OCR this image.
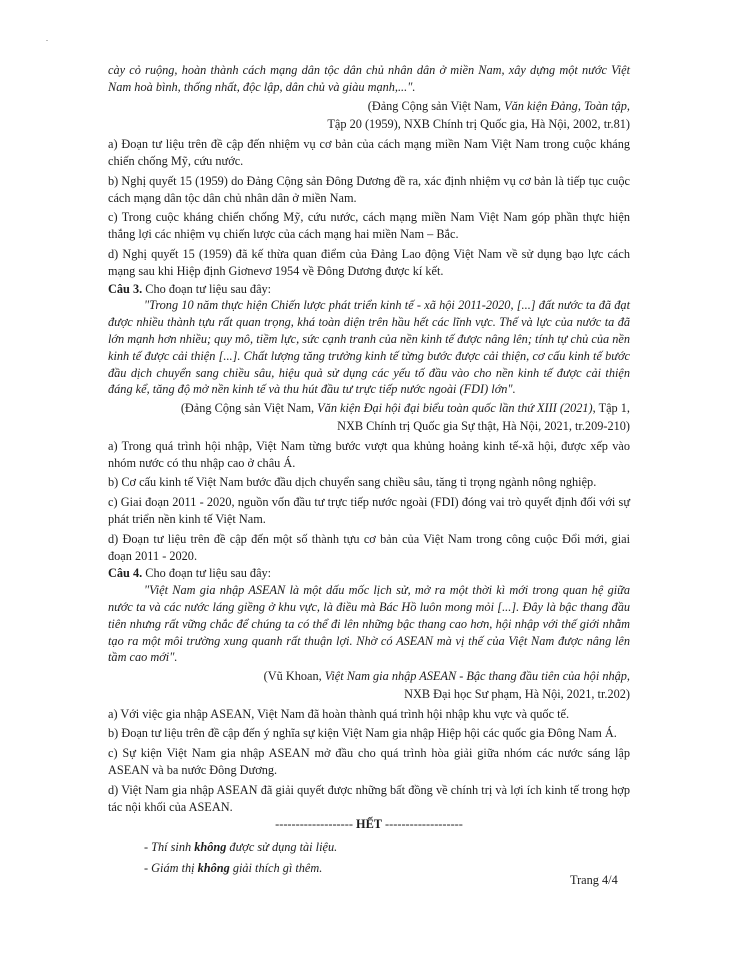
cày cỏ ruộng, hoàn thành cách mạng dân tộc dân chủ nhân dân ở miền Nam, xây dựng một nước Việt Nam hoà bình, thống nhất, độc lập, dân chủ và giàu mạnh,...".

(Đảng Cộng sản Việt Nam, Văn kiện Đảng, Toàn tập,

Tập 20 (1959), NXB Chính trị Quốc gia, Hà Nội, 2002, tr.81)

a) Đoạn tư liệu trên đề cập đến nhiệm vụ cơ bản của cách mạng miền Nam Việt Nam trong cuộc kháng chiến chống Mỹ, cứu nước.

b) Nghị quyết 15 (1959) do Đảng Cộng sản Đông Dương đề ra, xác định nhiệm vụ cơ bản là tiếp tục cuộc cách mạng dân tộc dân chủ nhân dân ở miền Nam.

c) Trong cuộc kháng chiến chống Mỹ, cứu nước, cách mạng miền Nam Việt Nam góp phần thực hiện thắng lợi các nhiệm vụ chiến lược của cách mạng hai miền Nam – Bắc.

d) Nghị quyết 15 (1959) đã kế thừa quan điểm của Đảng Lao động Việt Nam về sử dụng bạo lực cách mạng sau khi Hiệp định Giơnevơ 1954 về Đông Dương được kí kết.

Câu 3. Cho đoạn tư liệu sau đây:

"Trong 10 năm thực hiện Chiến lược phát triển kinh tế - xã hội 2011-2020, [...] đất nước ta đã đạt được nhiều thành tựu rất quan trọng, khá toàn diện trên hầu hết các lĩnh vực. Thế và lực của nước ta đã lớn mạnh hơn nhiều; quy mô, tiềm lực, sức cạnh tranh của nền kinh tế được nâng lên; tính tự chủ của nền kinh tế được cải thiện [...]. Chất lượng tăng trưởng kinh tế từng bước được cải thiện, cơ cấu kinh tế bước đầu dịch chuyển sang chiều sâu, hiệu quả sử dụng các yếu tố đầu vào cho nền kinh tế được cải thiện đáng kể, tăng độ mở nền kinh tế và thu hút đầu tư trực tiếp nước ngoài (FDI) lớn".

(Đảng Cộng sản Việt Nam, Văn kiện Đại hội đại biểu toàn quốc lần thứ XIII (2021), Tập 1,

NXB Chính trị Quốc gia Sự thật, Hà Nội, 2021, tr.209-210)

a) Trong quá trình hội nhập, Việt Nam từng bước vượt qua khủng hoảng kinh tế-xã hội, được xếp vào nhóm nước có thu nhập cao ở châu Á.

b) Cơ cấu kinh tế Việt Nam bước đầu dịch chuyển sang chiều sâu, tăng tỉ trọng ngành nông nghiệp.

c) Giai đoạn 2011 - 2020, nguồn vốn đầu tư trực tiếp nước ngoài (FDI) đóng vai trò quyết định đối với sự phát triển nền kinh tế Việt Nam.

d) Đoạn tư liệu trên đề cập đến một số thành tựu cơ bản của Việt Nam trong công cuộc Đổi mới, giai đoạn 2011 - 2020.

Câu 4. Cho đoạn tư liệu sau đây:

"Việt Nam gia nhập ASEAN là một dấu mốc lịch sử, mở ra một thời kì mới trong quan hệ giữa nước ta và các nước láng giềng ở khu vực, là điều mà Bác Hồ luôn mong mỏi [...]. Đây là bậc thang đầu tiên nhưng rất vững chắc để chúng ta có thể đi lên những bậc thang cao hơn, hội nhập với thế giới nhằm tạo ra một môi trường xung quanh rất thuận lợi. Nhờ có ASEAN mà vị thế của Việt Nam được nâng lên tầm cao mới".

(Vũ Khoan, Việt Nam gia nhập ASEAN - Bậc thang đầu tiên của hội nhập,

NXB Đại học Sư phạm, Hà Nội, 2021, tr.202)

a) Với việc gia nhập ASEAN, Việt Nam đã hoàn thành quá trình hội nhập khu vực và quốc tế.

b) Đoạn tư liệu trên đề cập đến ý nghĩa sự kiện Việt Nam gia nhập Hiệp hội các quốc gia Đông Nam Á.

c) Sự kiện Việt Nam gia nhập ASEAN mở đầu cho quá trình hòa giải giữa nhóm các nước sáng lập ASEAN và ba nước Đông Dương.

d) Việt Nam gia nhập ASEAN đã giải quyết được những bất đồng về chính trị và lợi ích kinh tế trong hợp tác nội khối của ASEAN.

------------------- HẾT -------------------

- Thí sinh không được sử dụng tài liệu.

- Giám thị không giải thích gì thêm.

Trang 4/4
